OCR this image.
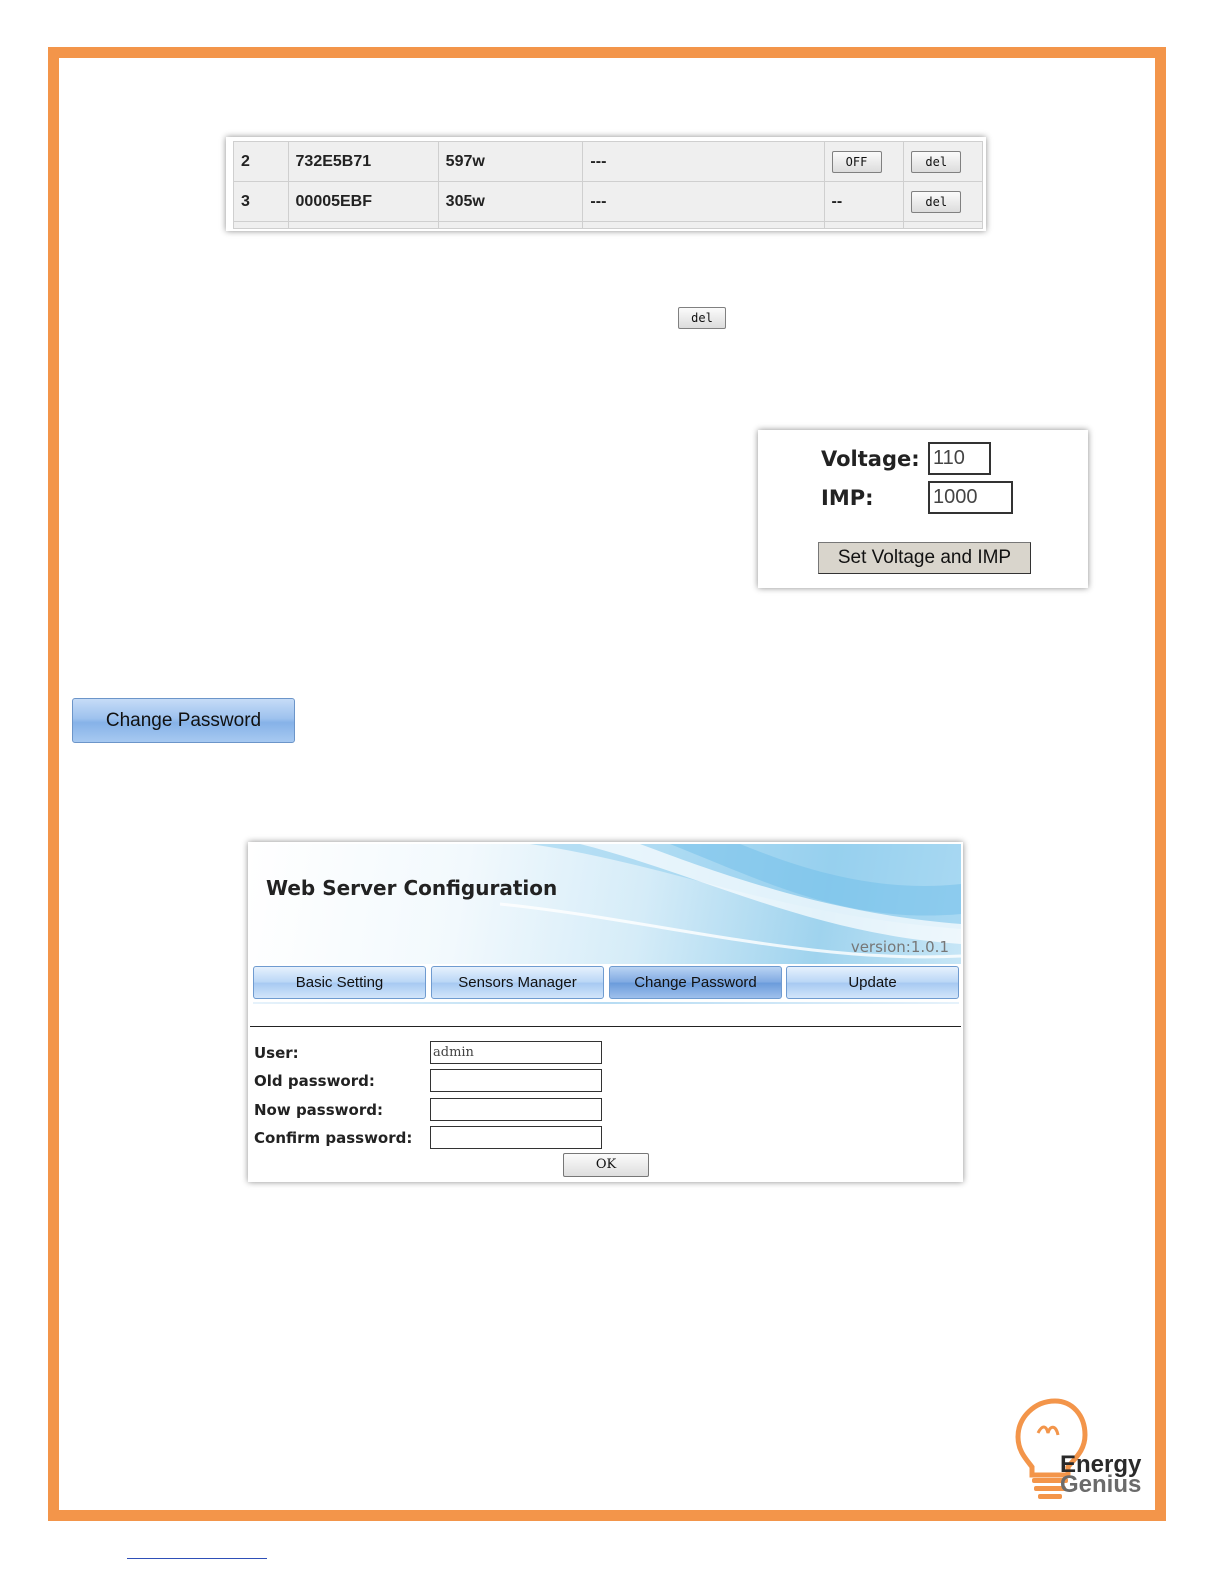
2	732E5B71	597w	---	OFF	del
3	00005EBF	305w	---	--	del

del
Voltage:
110
IMP:
1000
Set Voltage and IMP
Change Password
Web Server Configuration
version:1.0.1
Basic Setting	Sensors Manager	Change Password	Update
User:
admin
Old password:
Now password:
Confirm password:
OK
Energy
Genius
